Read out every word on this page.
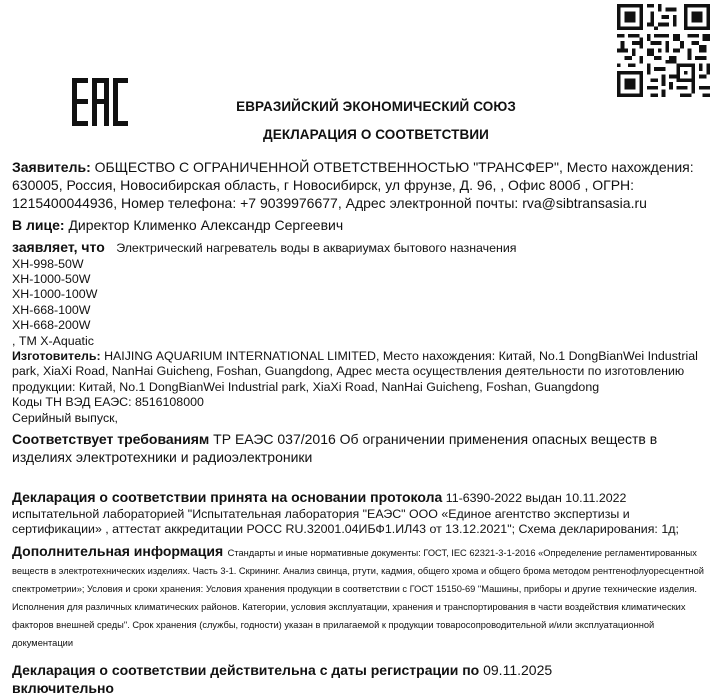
ЕВРАЗИЙСКИЙ ЭКОНОМИЧЕСКИЙ СОЮЗ
ДЕКЛАРАЦИЯ О СООТВЕТСТВИИ
Заявитель: ОБЩЕСТВО С ОГРАНИЧЕННОЙ ОТВЕТСТВЕННОСТЬЮ "ТРАНСФЕР", Место нахождения: 630005, Россия, Новосибирская область, г Новосибирск, ул фрунзе, Д. 96, , Офис 800б , ОГРН: 1215400044936, Номер телефона: +7 9039976677, Адрес электронной почты: rva@sibtransasia.ru
В лице: Директор Клименко Александр Сергеевич
заявляет, что Электрический нагреватель воды в аквариумах бытового назначения
XH-998-50W
XH-1000-50W
XH-1000-100W
XH-668-100W
XH-668-200W
, ТМ X-Aquatic
Изготовитель: HAIJING AQUARIUM INTERNATIONAL LIMITED, Место нахождения: Китай, No.1 DongBianWei Industrial park, XiaXi Road, NanHai Guicheng, Foshan, Guangdong, Адрес места осуществления деятельности по изготовлению продукции: Китай, No.1 DongBianWei Industrial park, XiaXi Road, NanHai Guicheng, Foshan, Guangdong
Коды ТН ВЭД ЕАЭС: 8516108000
Серийный выпуск,
Соответствует требованиям ТР ЕАЭС 037/2016 Об ограничении применения опасных веществ в изделиях электротехники и радиоэлектроники
Декларация о соответствии принята на основании протокола 11-6390-2022 выдан 10.11.2022 испытательной лабораторией "Испытательная лаборатория "ЕАЭС" ООО «Единое агентство экспертизы и сертификации» , аттестат аккредитации РОСС RU.32001.04ИБФ1.ИЛ43 от 13.12.2021"; Схема декларирования: 1д;
Дополнительная информация Стандарты и иные нормативные документы: ГОСТ, IEC 62321-3-1-2016 «Определение регламентированных веществ в электротехнических изделиях. Часть 3-1. Скрининг. Анализ свинца, ртути, кадмия, общего хрома и общего брома методом рентгенофлуоресцентной спектрометрии»; Условия и сроки хранения: Условия хранения продукции в соответствии с ГОСТ 15150-69 "Машины, приборы и другие технические изделия. Исполнения для различных климатических районов. Категории, условия эксплуатации, хранения и транспортирования в части воздействия климатических факторов внешней среды". Срок хранения (службы, годности) указан в прилагаемой к продукции товаросопроводительной и/или эксплуатационной документации
Декларация о соответствии действительна с даты регистрации по 09.11.2025
включительно
